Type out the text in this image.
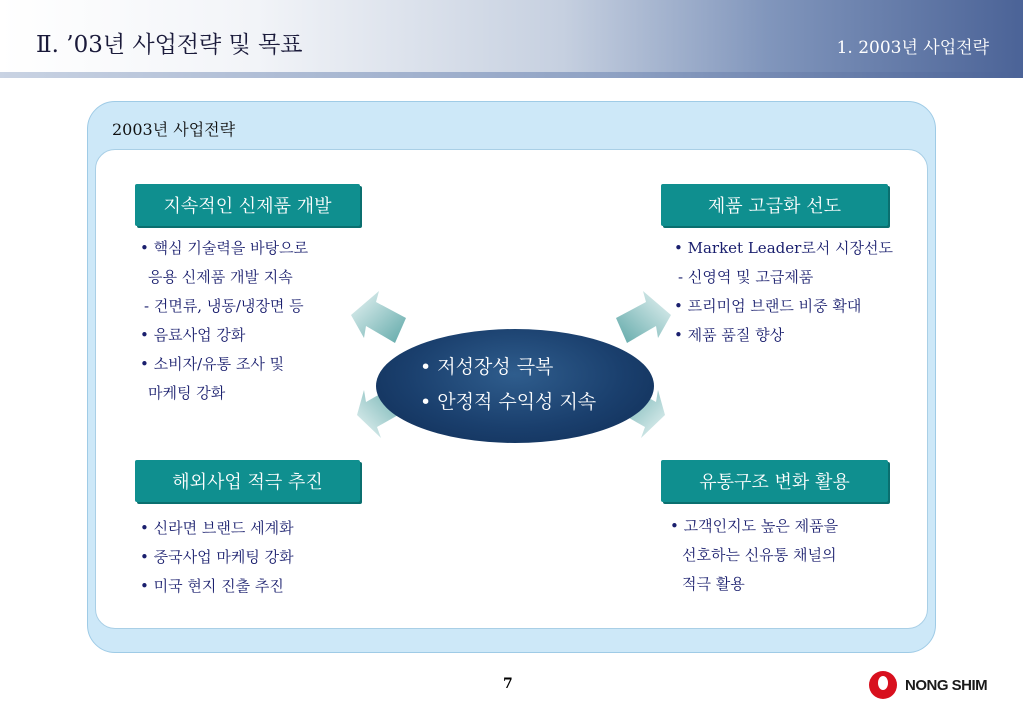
Ⅱ. ’03년 사업전략 및 목표	1. 2003년 사업전략
2003년 사업전략
지속적인 신제품 개발
• 핵심 기술력을 바탕으로
응용 신제품 개발 지속
- 건면류, 냉동/냉장면 등
• 음료사업 강화
• 소비자/유통 조사 및
마케팅 강화
제품 고급화 선도
• Market Leader로서 시장선도
- 신영역 및 고급제품
• 프리미엄 브랜드 비중 확대
• 제품 품질 향상
해외사업 적극 추진
• 신라면 브랜드 세계화
• 중국사업 마케팅 강화
• 미국 현지 진출 추진
유통구조 변화 활용
• 고객인지도 높은 제품을
선호하는 신유통 채널의
적극 활용
• 저성장성 극복
• 안정적 수익성 지속
7	NONG SHIM
